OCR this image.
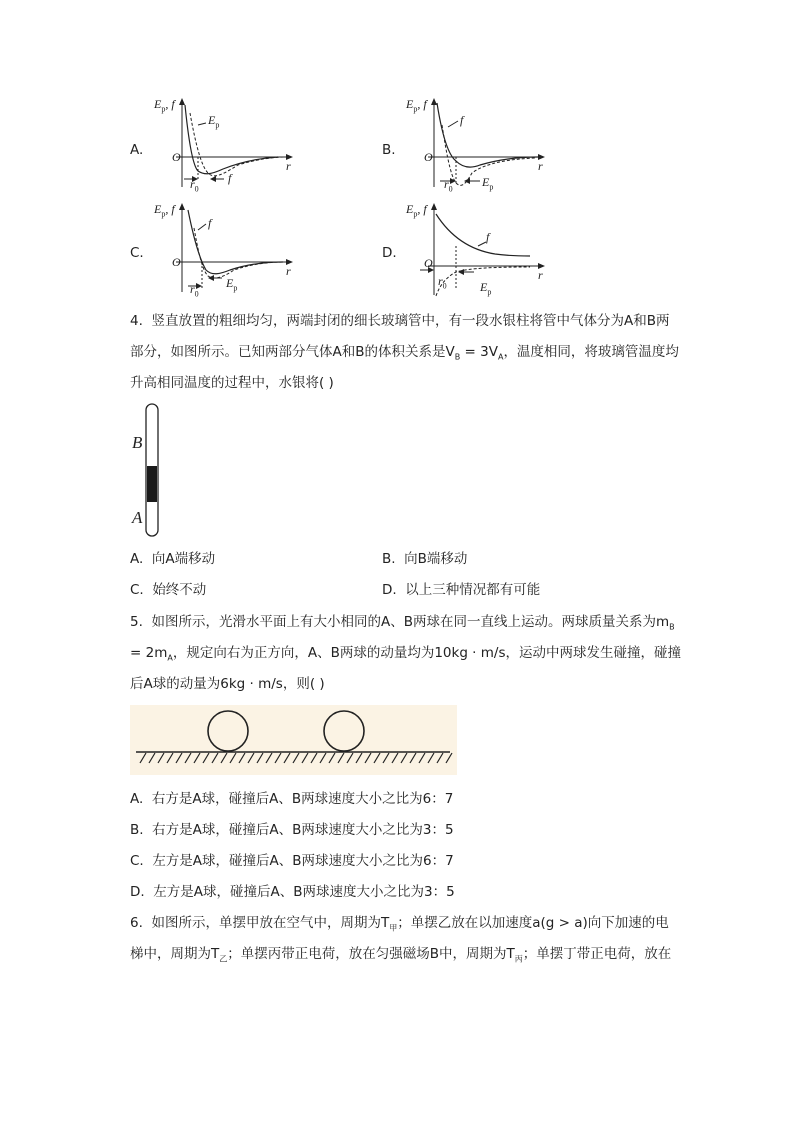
A.
$E_p$, f
O
r
$E_p$
f
$r_0$
B.
$E_p$, f
O
r
f
$E_p$
$r_0$
C.
$E_p$, f
O
r
f
$E_p$
$r_0$
D.
$E_p$, f
O
r
f
$E_p$
$r_0$
4. 竖直放置的粗细均匀，两端封闭的细长玻璃管中，有一段水银柱将管中气体分为A和B两
部分，如图所示。已知两部分气体A和B的体积关系是$V_B = 3V_A$，温度相同，将玻璃管温度均
升高相同温度的过程中，水银将( )
B
A
A. 向A端移动	B. 向B端移动
C. 始终不动	D. 以上三种情况都有可能
5. 如图所示，光滑水平面上有大小相同的A、B两球在同一直线上运动。两球质量关系为$m_B$
= $2m_A$，规定向右为正方向，A、B两球的动量均为10kg · m/s，运动中两球发生碰撞，碰撞
后A球的动量为6kg · m/s，则( )
A. 右方是A球，碰撞后A、B两球速度大小之比为6：7
B. 右方是A球，碰撞后A、B两球速度大小之比为3：5
C. 左方是A球，碰撞后A、B两球速度大小之比为6：7
D. 左方是A球，碰撞后A、B两球速度大小之比为3：5
6. 如图所示，单摆甲放在空气中，周期为$T_甲$；单摆乙放在以加速度a(g > a)向下加速的电
梯中，周期为$T_乙$；单摆丙带正电荷，放在匀强磁场B中，周期为$T_丙$；单摆丁带正电荷，放在
